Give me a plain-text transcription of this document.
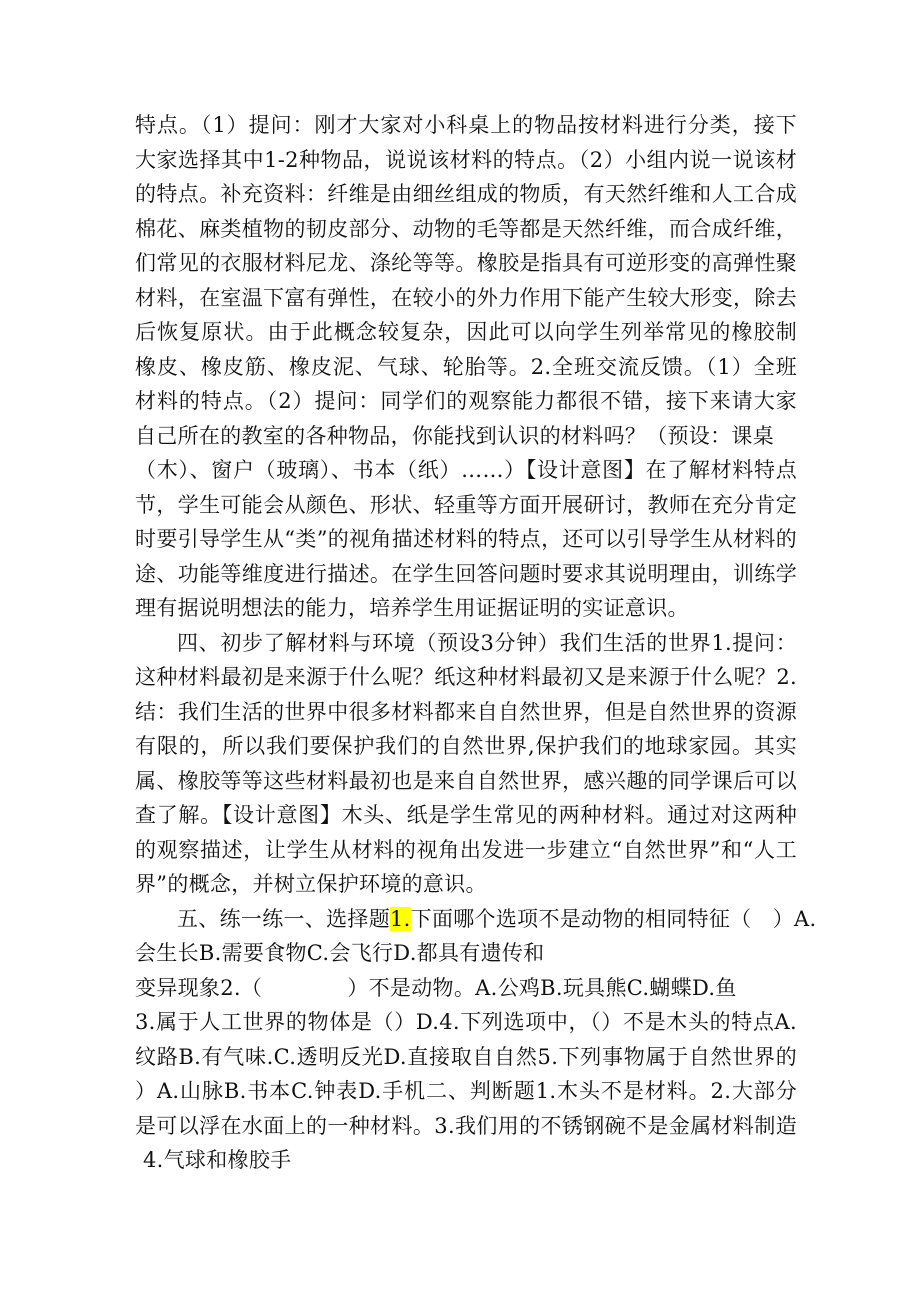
特点。（1）提问：刚才大家对小科桌上的物品按材料进行分类，接下
大家选择其中1-2种物品，说说该材料的特点。（2）小组内说一说该材
的特点。补充资料：纤维是由细丝组成的物质，有天然纤维和人工合成
棉花、麻类植物的韧皮部分、动物的毛等都是天然纤维，而合成纤维，
们常见的衣服材料尼龙、涤纶等等。橡胶是指具有可逆形变的高弹性聚
材料，在室温下富有弹性，在较小的外力作用下能产生较大形变，除去
后恢复原状。由于此概念较复杂，因此可以向学生列举常见的橡胶制
橡皮、橡皮筋、橡皮泥、气球、轮胎等。2.全班交流反馈。（1）全班
材料的特点。（2）提问：同学们的观察能力都很不错，接下来请大家
自己所在的教室的各种物品，你能找到认识的材料吗？（预设：课桌
（木）、窗户（玻璃）、书本（纸）……）【设计意图】在了解材料特点
节，学生可能会从颜色、形状、轻重等方面开展研讨，教师在充分肯定
时要引导学生从“类”的视角描述材料的特点，还可以引导学生从材料的
途、功能等维度进行描述。在学生回答问题时要求其说明理由，训练学
理有据说明想法的能力，培养学生用证据证明的实证意识。
四、初步了解材料与环境（预设3分钟）我们生活的世界1.提问：
这种材料最初是来源于什么呢？纸这种材料最初又是来源于什么呢？2.
结：我们生活的世界中很多材料都来自自然世界，但是自然世界的资源
有限的，所以我们要保护我们的自然世界,保护我们的地球家园。其实
属、橡胶等等这些材料最初也是来自自然世界，感兴趣的同学课后可以
查了解。【设计意图】木头、纸是学生常见的两种材料。通过对这两种
的观察描述，让学生从材料的视角出发进一步建立“自然世界”和“人工
界”的概念，并树立保护环境的意识。
五、练一练一、选择题1.下面哪个选项不是动物的相同特征（　）A.
会生长B.需要食物C.会飞行D.都具有遗传和
变异现象2.（　　　　）不是动物。A.公鸡B.玩具熊C.蝴蝶D.鱼
3.属于人工世界的物体是（）D.4.下列选项中，（）不是木头的特点A.
纹路B.有气味.C.透明反光D.直接取自自然5.下列事物属于自然世界的
）A.山脉B.书本C.钟表D.手机二、判断题1.木头不是材料。2.大部分
是可以浮在水面上的一种材料。3.我们用的不锈钢碗不是金属材料制造
4.气球和橡胶手
